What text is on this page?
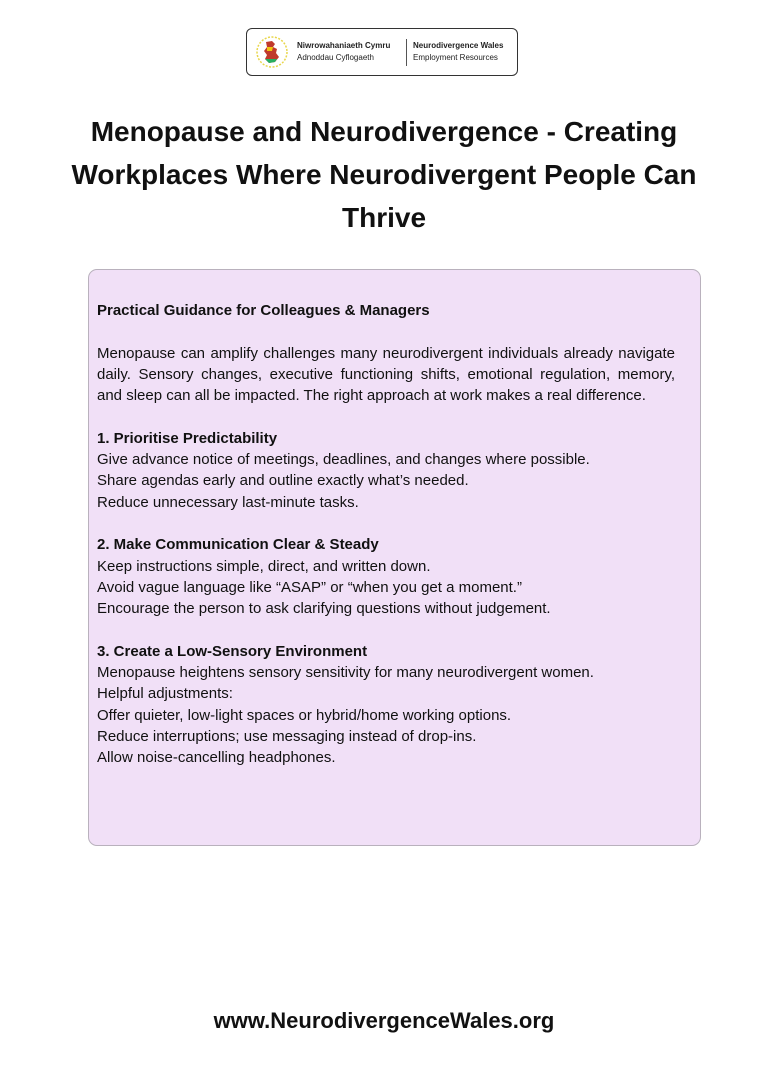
Niwrowahaniaeth Cymru
Adnoddau Cyflogaeth
Neurodivergence Wales
Employment Resources
Menopause and Neurodivergence - Creating Workplaces Where Neurodivergent People Can Thrive

Practical Guidance for Colleagues & Managers

Menopause can amplify challenges many neurodivergent individuals already navigate daily. Sensory changes, executive functioning shifts, emotional regulation, memory, and sleep can all be impacted. The right approach at work makes a real difference.

1. Prioritise Predictability

Give advance notice of meetings, deadlines, and changes where possible.

Share agendas early and outline exactly what’s needed.

Reduce unnecessary last-minute tasks.

2. Make Communication Clear & Steady

Keep instructions simple, direct, and written down.

Avoid vague language like “ASAP” or “when you get a moment.”

Encourage the person to ask clarifying questions without judgement.

3. Create a Low-Sensory Environment

Menopause heightens sensory sensitivity for many neurodivergent women.

Helpful adjustments:

Offer quieter, low-light spaces or hybrid/home working options.

Reduce interruptions; use messaging instead of drop-ins.

Allow noise-cancelling headphones.

www.NeurodivergenceWales.org
